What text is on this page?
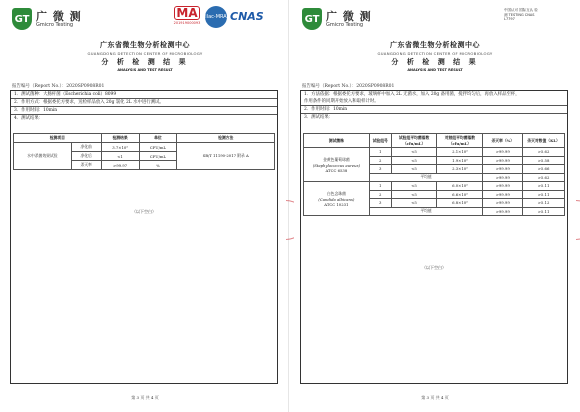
GT 广 微 测
Gmicro Testing
MA
201919000093
ilac-MRA CNAS
广东省微生物分析检测中心
GUANGDONG DETECTION CENTER OF MICROBIOLOGY
分 析 检 测 结 果
ANALYSIS AND TEST RESULT
报告编号（Report No.）：2020SP0908R01
1．测试菌种：大肠杆菌（Escherichia coli）8099
2．作用方式：根据委托方要求，送检样品放入 20g 氯化 2L 水中进行测试。
3．作用时间：10min
4．测试结果：
检测项目		检测结果	单位	检测方法
水中杀菌效果试验	净化前	3.7×10⁵	CFU/mL	SB/T 11190-2017 附录 A
	净化后	<1	CFU/mL	
	杀灭率	>99.97	%	
（以下空白）
第 3 页 共 4 页
GT 广 微 测
Gmicro Testing
中国认可 国际互认 检测 TESTING CNAS L7797
广东省微生物分析检测中心
GUANGDONG DETECTION CENTER OF MICROBIOLOGY
分 析 检 测 结 果
ANALYSIS AND TEST RESULT
报告编号（Report No.）：2020SP0908R01
1．方法依据：根据委托方要求，玻璃杯中加入 2L 无菌水，加入 20g 备用菌，搅拌均匀后，再放入样品至杯，
作用条件的同期开始放入和取样计时。
2．作用时间：10min
3．测试结果：
测试菌株	试验组号	试验组平均菌落数（cfu/mL）	对照组平均菌落数（cfu/mL）	杀灭率（%）	杀灭对数值（KL）

金黄色葡萄球菌
(Staphylococcus aureus)
ATCC 6538	1	<5	2.1×10⁵	>99.99	>5.62
	2	<5	1.9×10⁵	>99.99	>5.58
	3	<5	2.3×10⁵	>99.99	>5.66
	平均值			>99.99	>5.62

白色念珠菌
(Candida albicans)
ATCC 10231	1	<5	6.0×10⁵	>99.99	>5.11
	2	<5	6.6×10⁵	>99.99	>5.11
	3	<5	6.8×10⁵	>99.99	>5.12
	平均值			>99.99	>5.11
（以下空白）
第 3 页 共 4 页
